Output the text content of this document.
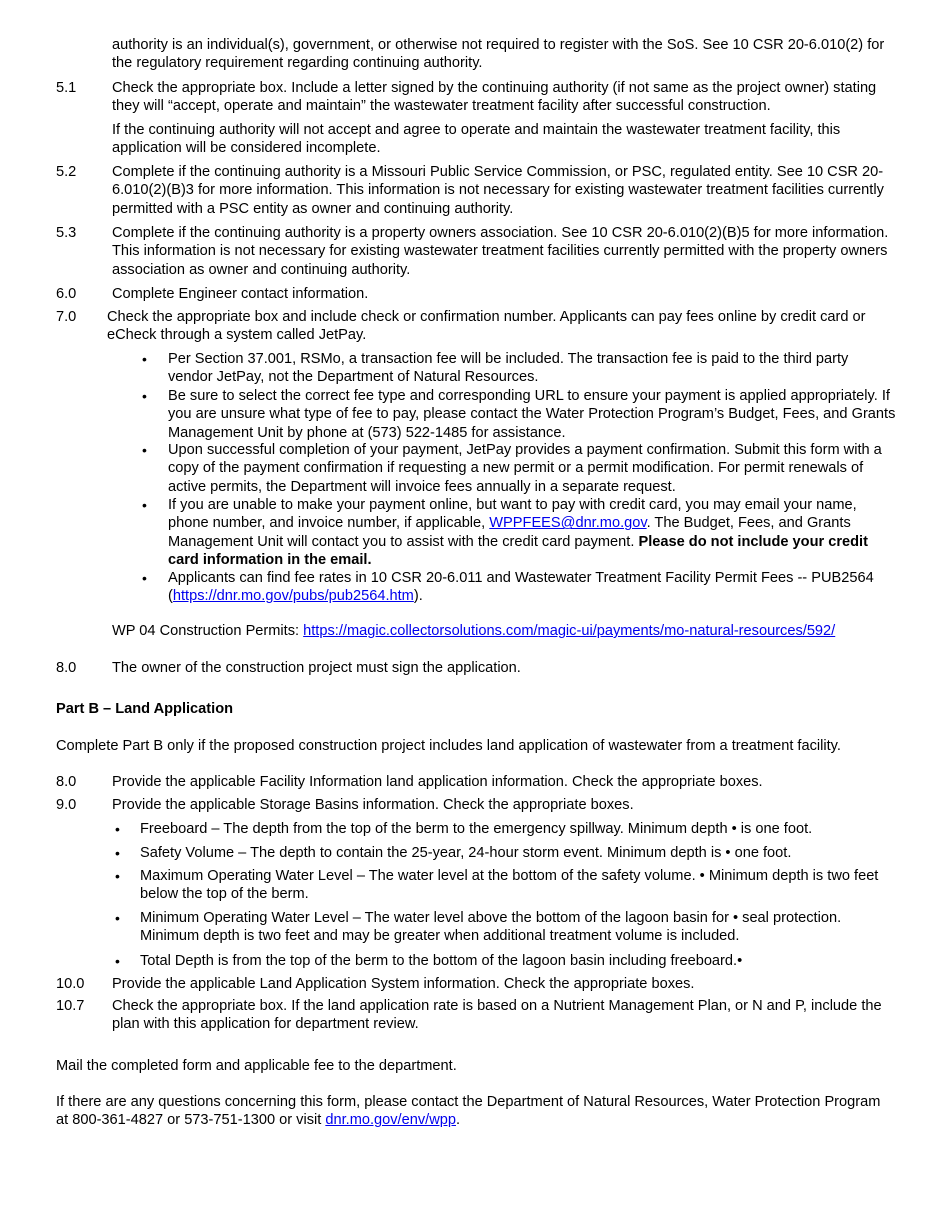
authority is an individual(s), government, or otherwise not required to register with the SoS. See 10 CSR 20-6.010(2) for the regulatory requirement regarding continuing authority.

5.1	Check the appropriate box. Include a letter signed by the continuing authority (if not same as the project owner) stating they will “accept, operate and maintain” the wastewater treatment facility after successful construction.

If the continuing authority will not accept and agree to operate and maintain the wastewater treatment facility, this application will be considered incomplete.

5.2	Complete if the continuing authority is a Missouri Public Service Commission, or PSC, regulated entity. See 10 CSR 20-6.010(2)(B)3 for more information. This information is not necessary for existing wastewater treatment facilities currently permitted with a PSC entity as owner and continuing authority.
5.3	Complete if the continuing authority is a property owners association. See 10 CSR 20-6.010(2)(B)5 for more information. This information is not necessary for existing wastewater treatment facilities currently permitted with the property owners association as owner and continuing authority.
6.0	Complete Engineer contact information.
7.0	Check the appropriate box and include check or confirmation number. Applicants can pay fees online by credit card or eCheck through a system called JetPay.
• Per Section 37.001, RSMo, a transaction fee will be included. The transaction fee is paid to the third party vendor JetPay, not the Department of Natural Resources.
• Be sure to select the correct fee type and corresponding URL to ensure your payment is applied appropriately. If you are unsure what type of fee to pay, please contact the Water Protection Program’s Budget, Fees, and Grants Management Unit by phone at (573) 522-1485 for assistance.
• Upon successful completion of your payment, JetPay provides a payment confirmation. Submit this form with a copy of the payment confirmation if requesting a new permit or a permit modification. For permit renewals of active permits, the Department will invoice fees annually in a separate request.
• If you are unable to make your payment online, but want to pay with credit card, you may email your name, phone number, and invoice number, if applicable, WPPFEES@dnr.mo.gov. The Budget, Fees, and Grants Management Unit will contact you to assist with the credit card payment. Please do not include your credit card information in the email.
• Applicants can find fee rates in 10 CSR 20-6.011 and Wastewater Treatment Facility Permit Fees -- PUB2564 (https://dnr.mo.gov/pubs/pub2564.htm).

WP 04 Construction Permits: https://magic.collectorsolutions.com/magic-ui/payments/mo-natural-resources/592/

8.0	The owner of the construction project must sign the application.

Part B – Land Application

Complete Part B only if the proposed construction project includes land application of wastewater from a treatment facility.

8.0	Provide the applicable Facility Information land application information. Check the appropriate boxes.
9.0	Provide the applicable Storage Basins information. Check the appropriate boxes.
• Freeboard – The depth from the top of the berm to the emergency spillway. Minimum depth • is one foot.
• Safety Volume – The depth to contain the 25-year, 24-hour storm event. Minimum depth is • one foot.
• Maximum Operating Water Level – The water level at the bottom of the safety volume. • Minimum depth is two feet below the top of the berm.
• Minimum Operating Water Level – The water level above the bottom of the lagoon basin for • seal protection. Minimum depth is two feet and may be greater when additional treatment volume is included.
• Total Depth is from the top of the berm to the bottom of the lagoon basin including freeboard.•
10.0	Provide the applicable Land Application System information. Check the appropriate boxes.
10.7	Check the appropriate box. If the land application rate is based on a Nutrient Management Plan, or N and P, include the plan with this application for department review.

Mail the completed form and applicable fee to the department.

If there are any questions concerning this form, please contact the Department of Natural Resources, Water Protection Program at 800-361-4827 or 573-751-1300 or visit dnr.mo.gov/env/wpp.
